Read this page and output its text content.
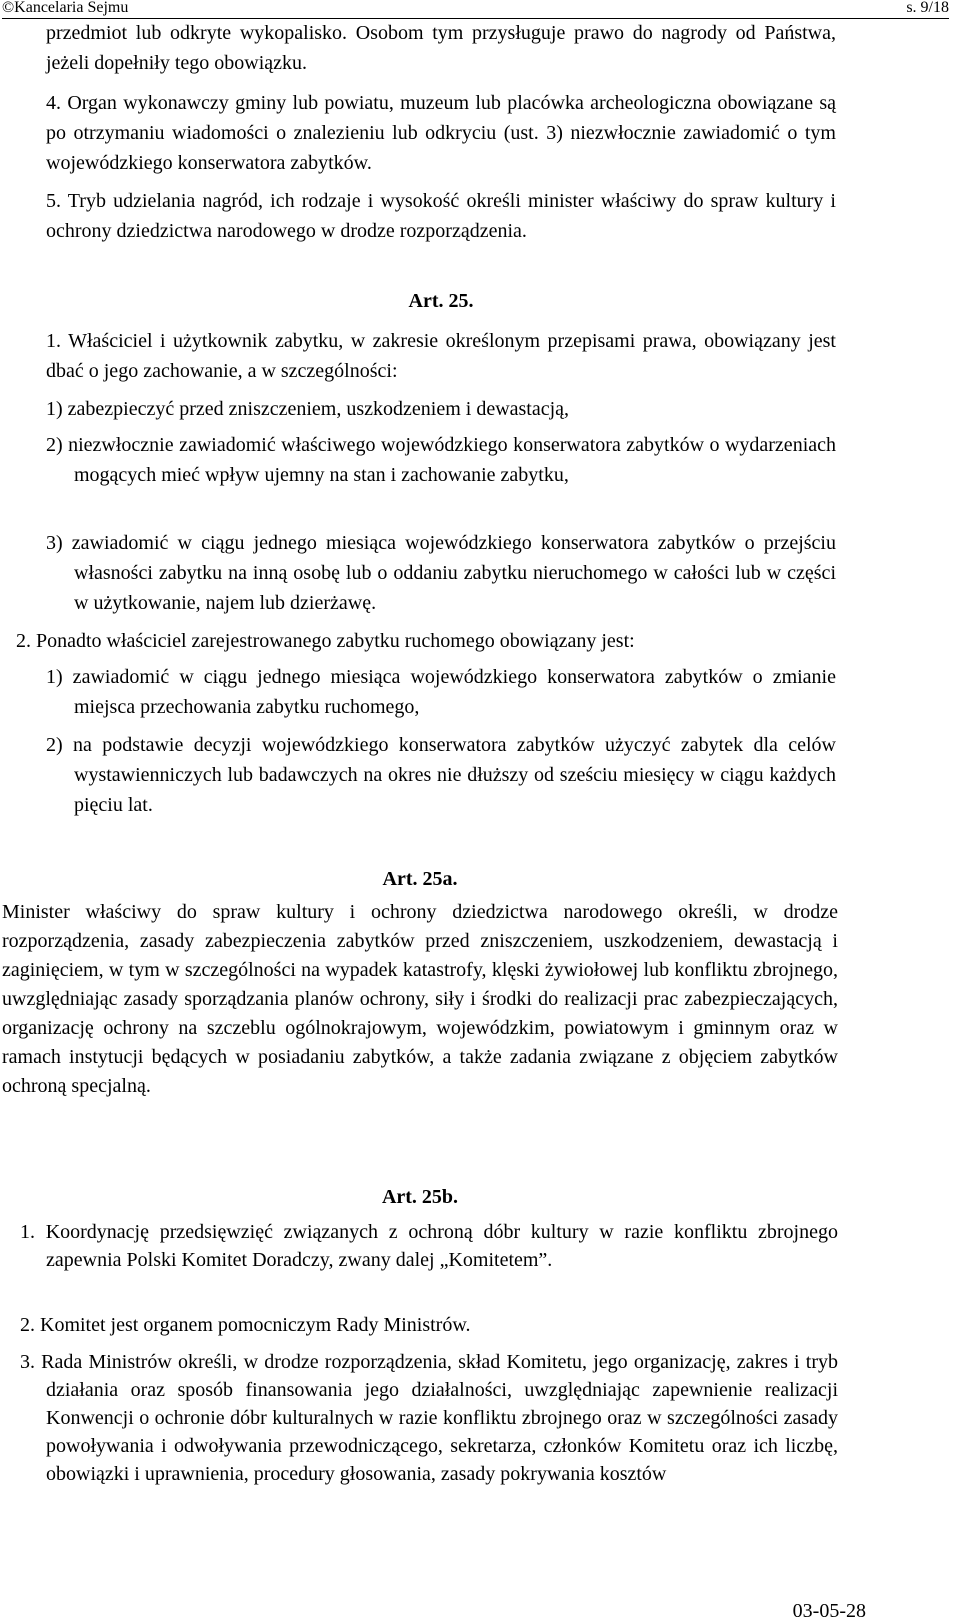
©Kancelaria Sejmu	s. 9/18

przedmiot lub odkryte wykopalisko. Osobom tym przysługuje prawo do nagrody od Państwa, jeżeli dopełniły tego obowiązku.

4. Organ wykonawczy gminy lub powiatu, muzeum lub placówka archeologiczna obowiązane są po otrzymaniu wiadomości o znalezieniu lub odkryciu (ust. 3) niezwłocznie zawiadomić o tym wojewódzkiego konserwatora zabytków.

5. Tryb udzielania nagród, ich rodzaje i wysokość określi minister właściwy do spraw kultury i ochrony dziedzictwa narodowego w drodze rozporządzenia.

Art. 25.

1. Właściciel i użytkownik zabytku, w zakresie określonym przepisami prawa, obowiązany jest dbać o jego zachowanie, a w szczególności:

1) zabezpieczyć przed zniszczeniem, uszkodzeniem i dewastacją,

2) niezwłocznie zawiadomić właściwego wojewódzkiego konserwatora zabytków o wydarzeniach mogących mieć wpływ ujemny na stan i zachowanie zabytku,

3) zawiadomić w ciągu jednego miesiąca wojewódzkiego konserwatora zabytków o przejściu własności zabytku na inną osobę lub o oddaniu zabytku nieruchomego w całości lub w części w użytkowanie, najem lub dzierżawę.

2. Ponadto właściciel zarejestrowanego zabytku ruchomego obowiązany jest:

1) zawiadomić w ciągu jednego miesiąca wojewódzkiego konserwatora zabytków o zmianie miejsca przechowania zabytku ruchomego,

2) na podstawie decyzji wojewódzkiego konserwatora zabytków użyczyć zabytek dla celów wystawienniczych lub badawczych na okres nie dłuższy od sześciu miesięcy w ciągu każdych pięciu lat.

Art. 25a.

Minister właściwy do spraw kultury i ochrony dziedzictwa narodowego określi, w drodze rozporządzenia, zasady zabezpieczenia zabytków przed zniszczeniem, uszkodzeniem, dewastacją i zaginięciem, w tym w szczególności na wypadek katastrofy, klęski żywiołowej lub konfliktu zbrojnego, uwzględniając zasady sporządzania planów ochrony, siły i środki do realizacji prac zabezpieczających, organizację ochrony na szczeblu ogólnokrajowym, wojewódzkim, powiatowym i gminnym oraz w ramach instytucji będących w posiadaniu zabytków, a także zadania związane z objęciem zabytków ochroną specjalną.

Art. 25b.

1. Koordynację przedsięwzięć związanych z ochroną dóbr kultury w razie konfliktu zbrojnego zapewnia Polski Komitet Doradczy, zwany dalej „Komitetem”.

2. Komitet jest organem pomocniczym Rady Ministrów.

3. Rada Ministrów określi, w drodze rozporządzenia, skład Komitetu, jego organizację, zakres i tryb działania oraz sposób finansowania jego działalności, uwzględniając zapewnienie realizacji Konwencji o ochronie dóbr kulturalnych w razie konfliktu zbrojnego oraz w szczególności zasady powoływania i odwoływania przewodniczącego, sekretarza, członków Komitetu oraz ich liczbę, obowiązki i uprawnienia, procedury głosowania, zasady pokrywania kosztów

03-05-28
